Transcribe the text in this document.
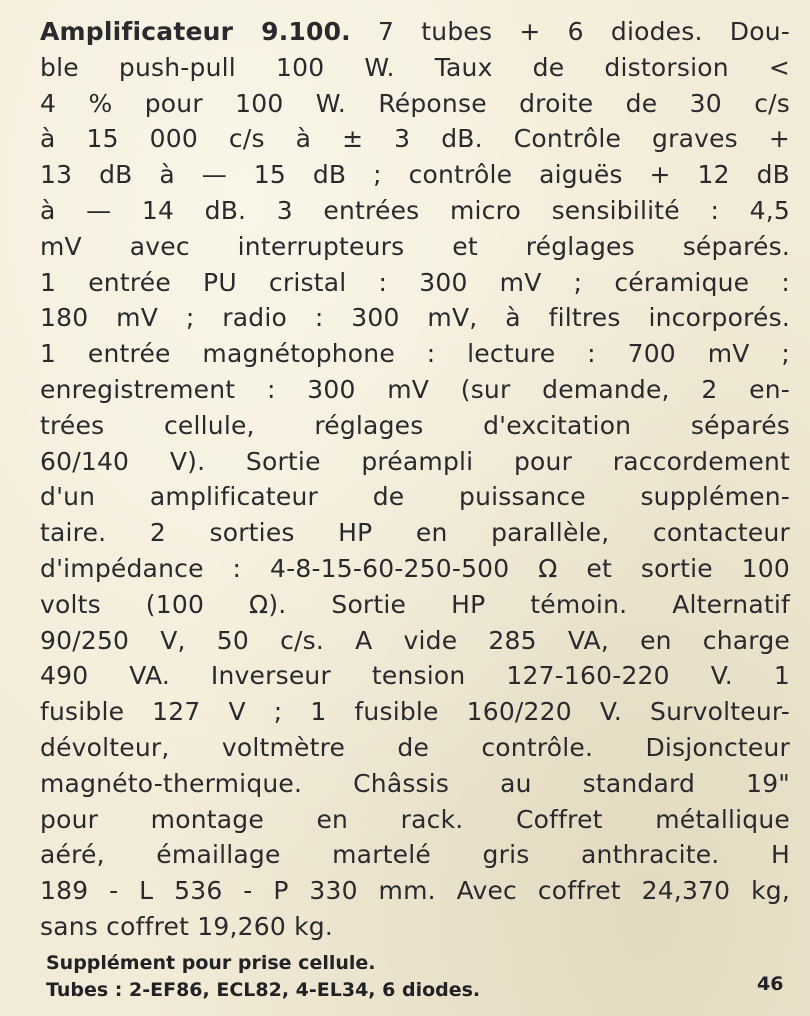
Amplificateur 9.100. 7 tubes + 6 diodes. Dou-
ble push-pull 100 W. Taux de distorsion <
4 % pour 100 W. Réponse droite de 30 c/s
à 15 000 c/s à ± 3 dB. Contrôle graves +
13 dB à — 15 dB ; contrôle aiguës + 12 dB
à — 14 dB. 3 entrées micro sensibilité : 4,5
mV avec interrupteurs et réglages séparés.
1 entrée PU cristal : 300 mV ; céramique :
180 mV ; radio : 300 mV, à filtres incorporés.
1 entrée magnétophone : lecture : 700 mV ;
enregistrement : 300 mV (sur demande, 2 en-
trées cellule, réglages d'excitation séparés
60/140 V). Sortie préampli pour raccordement
d'un amplificateur de puissance supplémen-
taire. 2 sorties HP en parallèle, contacteur
d'impédance : 4-8-15-60-250-500 Ω et sortie 100
volts (100 Ω). Sortie HP témoin. Alternatif
90/250 V, 50 c/s. A vide 285 VA, en charge
490 VA. Inverseur tension 127-160-220 V. 1
fusible 127 V ; 1 fusible 160/220 V. Survolteur-
dévolteur, voltmètre de contrôle. Disjoncteur
magnéto-thermique. Châssis au standard 19"
pour montage en rack. Coffret métallique
aéré, émaillage martelé gris anthracite. H
189 - L 536 - P 330 mm. Avec coffret 24,370 kg,
sans coffret 19,260 kg.
Supplément pour prise cellule.
Tubes : 2-EF86, ECL82, 4-EL34, 6 diodes.	46
